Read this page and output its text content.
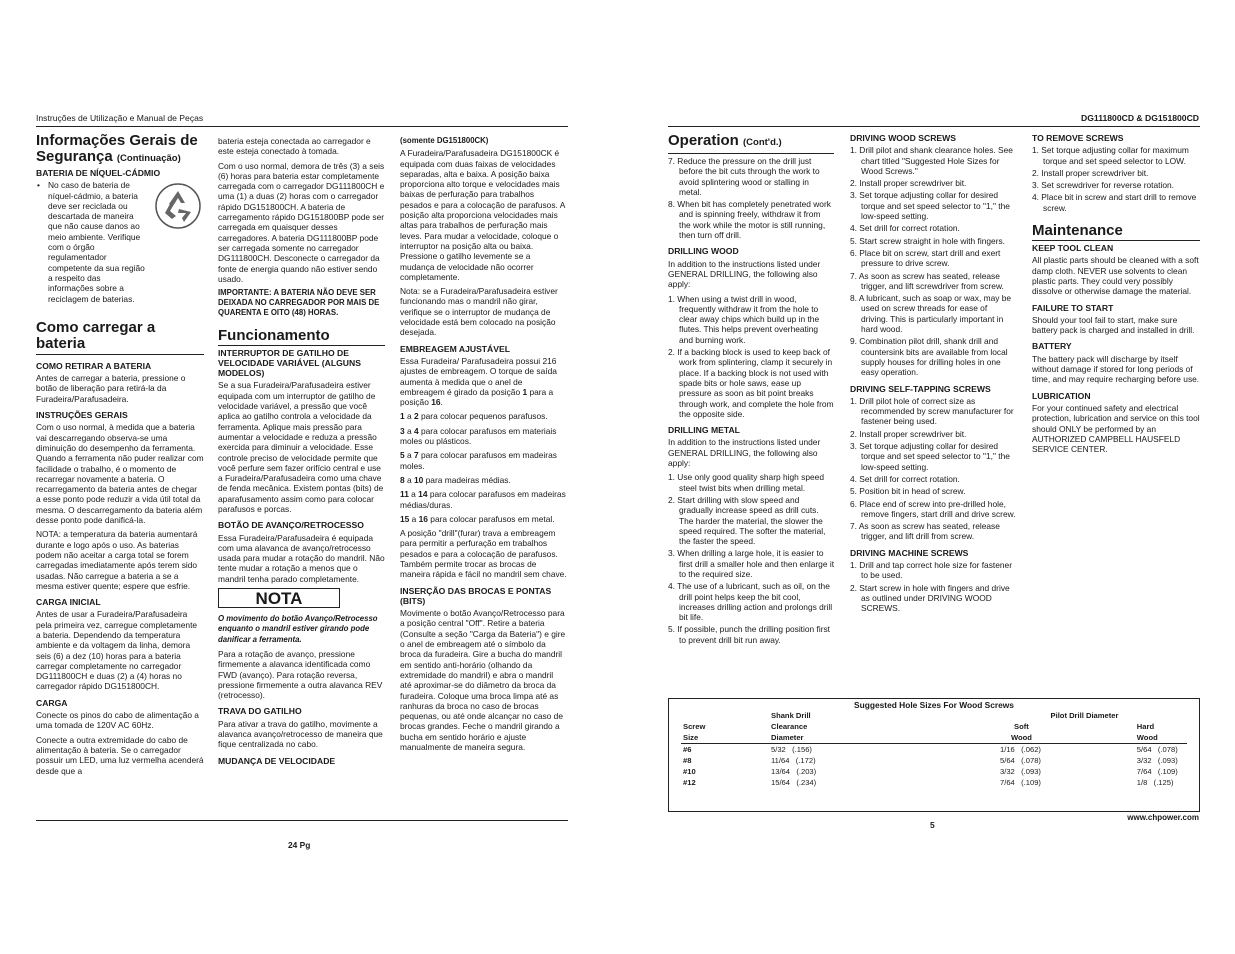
Instruções de Utilização e Manual de Peças	DG111800CD & DG151800CD
Informações Gerais de Segurança (Continuação)
BATERIA DE NÍQUEL-CÁDMIO

• No caso de bateria de níquel-cádmio, a bateria deve ser reciclada ou descartada de maneira que não cause danos ao meio ambiente. Verifique com o órgão regulamentador competente da sua região a respeito das informações sobre a reciclagem de baterias.

Como carregar a bateria
COMO RETIRAR A BATERIA

Antes de carregar a bateria, pressione o botão de liberação para retirá-la da Furadeira/Parafusadeira.

INSTRUÇÕES GERAIS

Com o uso normal, à medida que a bateria vai descarregando observa-se uma diminuição do desempenho da ferramenta. Quando a ferramenta não puder realizar com facilidade o trabalho, é o momento de recarregar novamente a bateria. O recarregamento da bateria antes de chegar a esse ponto pode reduzir a vida útil total da mesma. O descarregamento da bateria além desse ponto pode danificá-la.

NOTA: a temperatura da bateria aumentará durante e logo após o uso. As baterias podem não aceitar a carga total se forem carregadas imediatamente após terem sido usadas. Não carregue a bateria a se a mesma estiver quente; espere que esfrie.

CARGA INICIAL

Antes de usar a Furadeira/Parafusadeira pela primeira vez, carregue completamente a bateria. Dependendo da temperatura ambiente e da voltagem da linha, demora seis (6) a dez (10) horas para a bateria carregar completamente no carregador DG111800CH e duas (2) a (4) horas no carregador rápido DG151800CH.

CARGA

Conecte os pinos do cabo de alimentação a uma tomada de 120V AC 60Hz.

Conecte a outra extremidade do cabo de alimentação à bateria. Se o carregador possuir um LED, uma luz vermelha acenderá desde que a

bateria esteja conectada ao carregador e este esteja conectado à tomada.

Com o uso normal, demora de três (3) a seis (6) horas para bateria estar completamente carregada com o carregador DG111800CH e uma (1) a duas (2) horas com o carregador rápido DG151800CH. A bateria de carregamento rápido DG151800BP pode ser carregada em quaisquer desses carregadores. A bateria DG111800BP pode ser carregada somente no carregador DG111800CH. Desconecte o carregador da fonte de energia quando não estiver sendo usado.

IMPORTANTE: A BATERIA NÃO DEVE SER DEIXADA NO CARREGADOR POR MAIS DE QUARENTA E OITO (48) HORAS.

Funcionamento
INTERRUPTOR DE GATILHO DE VELOCIDADE VARIÁVEL (ALGUNS MODELOS)

Se a sua Furadeira/Parafusadeira estiver equipada com um interruptor de gatilho de velocidade variável, a pressão que você aplica ao gatilho controla a velocidade da ferramenta. Aplique mais pressão para aumentar a velocidade e reduza a pressão exercida para diminuir a velocidade. Esse controle preciso de velocidade permite que você perfure sem fazer orifício central e use a Furadeira/Parafusadeira como uma chave de fenda mecânica. Existem pontas (bits) de aparafusamento assim como para colocar parafusos e porcas.

BOTÃO DE AVANÇO/RETROCESSO

Essa Furadeira/Parafusadeira é equipada com uma alavanca de avanço/retrocesso usada para mudar a rotação do mandril. Não tente mudar a rotação a menos que o mandril tenha parado completamente.

NOTA

O movimento do botão Avanço/Retrocesso enquanto o mandril estiver girando pode danificar a ferramenta.

Para a rotação de avanço, pressione firmemente a alavanca identificada como FWD (avanço). Para rotação reversa, pressione firmemente a outra alavanca REV (retrocesso).

TRAVA DO GATILHO

Para ativar a trava do gatilho, movimente a alavanca avanço/retrocesso de maneira que fique centralizada no cabo.

MUDANÇA DE VELOCIDADE
(somente DG151800CK)

A Furadeira/Parafusadeira DG151800CK é equipada com duas faixas de velocidades separadas, alta e baixa. A posição baixa proporciona alto torque e velocidades mais baixas de perfuração para trabalhos pesados e para a colocação de parafusos. A posição alta proporciona velocidades mais altas para trabalhos de perfuração mais leves. Para mudar a velocidade, coloque o interruptor na posição alta ou baixa. Pressione o gatilho levemente se a mudança de velocidade não ocorrer completamente.

Nota: se a Furadeira/Parafusadeira estiver funcionando mas o mandril não girar, verifique se o interruptor de mudança de velocidade está bem colocado na posição desejada.

EMBREAGEM AJUSTÁVEL

Essa Furadeira/ Parafusadeira possui 216 ajustes de embreagem. O torque de saída aumenta à medida que o anel de embreagem é girado da posição 1 para a posição 16.

1 a 2 para colocar pequenos parafusos.

3 a 4 para colocar parafusos em materiais moles ou plásticos.

5 a 7 para colocar parafusos em madeiras moles.

8 a 10 para madeiras médias.

11 a 14 para colocar parafusos em madeiras médias/duras.

15 a 16 para colocar parafusos em metal.

A posição "drill"(furar) trava a embreagem para permitir a perfuração em trabalhos pesados e para a colocação de parafusos. Também permite trocar as brocas de maneira rápida e fácil no mandril sem chave.

INSERÇÃO DAS BROCAS E PONTAS (BITS)

Movimente o botão Avanço/Retrocesso para a posição central "Off". Retire a bateria (Consulte a seção "Carga da Bateria") e gire o anel de embreagem até o símbolo da broca da furadeira. Gire a bucha do mandril em sentido anti-horário (olhando da extremidade do mandril) e abra o mandril até aproximar-se do diâmetro da broca da furadeira. Coloque uma broca limpa até as ranhuras da broca no caso de brocas pequenas, ou até onde alcançar no caso de brocas grandes. Feche o mandril girando a bucha em sentido horário e ajuste manualmente de maneira segura.

24 Pg
Operation (Cont'd.)
7. Reduce the pressure on the drill just before the bit cuts through the work to avoid splintering wood or stalling in metal.
8. When bit has completely penetrated work and is spinning freely, withdraw it from the work while the motor is still running, then turn off drill.
DRILLING WOOD

In addition to the instructions listed under GENERAL DRILLING, the following also apply:

1. When using a twist drill in wood, frequently withdraw it from the hole to clear away chips which build up in the flutes. This helps prevent overheating and burning work.
2. If a backing block is used to keep back of work from splintering, clamp it securely in place. If a backing block is not used with spade bits or hole saws, ease up pressure as soon as bit point breaks through work, and complete the hole from the opposite side.
DRILLING METAL

In addition to the instructions listed under GENERAL DRILLING, the following also apply:

1. Use only good quality sharp high speed steel twist bits when drilling metal.
2. Start drilling with slow speed and gradually increase speed as drill cuts. The harder the material, the slower the speed required. The softer the material, the faster the speed.
3. When drilling a large hole, it is easier to first drill a smaller hole and then enlarge it to the required size.
4. The use of a lubricant, such as oil, on the drill point helps keep the bit cool, increases drilling action and prolongs drill bit life.
5. If possible, punch the drilling position first to prevent drill bit run away.
DRIVING WOOD SCREWS
1. Drill pilot and shank clearance holes. See chart titled "Suggested Hole Sizes for Wood Screws."
2. Install proper screwdriver bit.
3. Set torque adjusting collar for desired torque and set speed selector to "1," the low-speed setting.
4. Set drill for correct rotation.
5. Start screw straight in hole with fingers.
6. Place bit on screw, start drill and exert pressure to drive screw.
7. As soon as screw has seated, release trigger, and lift screwdriver from screw.
8. A lubricant, such as soap or wax, may be used on screw threads for ease of driving. This is particularly important in hard wood.
9. Combination pilot drill, shank drill and countersink bits are available from local supply houses for drilling holes in one easy operation.
DRIVING SELF-TAPPING SCREWS
1. Drill pilot hole of correct size as recommended by screw manufacturer for fastener being used.
2. Install proper screwdriver bit.
3. Set torque adjusting collar for desired torque and set speed selector to "1," the low-speed setting.
4. Set drill for correct rotation.
5. Position bit in head of screw.
6. Place end of screw into pre-drilled hole, remove fingers, start drill and drive screw.
7. As soon as screw has seated, release trigger, and lift drill from screw.
DRIVING MACHINE SCREWS
1. Drill and tap correct hole size for fastener to be used.
2. Start screw in hole with fingers and drive as outlined under DRIVING WOOD SCREWS.
TO REMOVE SCREWS
1. Set torque adjusting collar for maximum torque and set speed selector to LOW.
2. Install proper screwdriver bit.
3. Set screwdriver for reverse rotation.
4. Place bit in screw and start drill to remove screw.
Maintenance
KEEP TOOL CLEAN

All plastic parts should be cleaned with a soft damp cloth. NEVER use solvents to clean plastic parts. They could very possibly dissolve or otherwise damage the material.

FAILURE TO START

Should your tool fail to start, make sure battery pack is charged and installed in drill.

BATTERY

The battery pack will discharge by itself without damage if stored for long periods of time, and may require recharging before use.

LUBRICATION

For your continued safety and electrical protection, lubrication and service on this tool should ONLY be performed by an AUTHORIZED CAMPBELL HAUSFELD SERVICE CENTER.

Suggested Hole Sizes For Wood Screws
	Shank Drill	Pilot Drill Diameter	
Screw	Clearance	Soft	Hard
Size	Diameter	Wood	Wood
#6	5/32   (.156)	1/16   (.062)	5/64   (.078)
#8	11/64   (.172)	5/64   (.078)	3/32   (.093)
#10	13/64   (.203)	3/32   (.093)	7/64   (.109)
#12	15/64   (.234)	7/64   (.109)	1/8   (.125)
5
www.chpower.com
